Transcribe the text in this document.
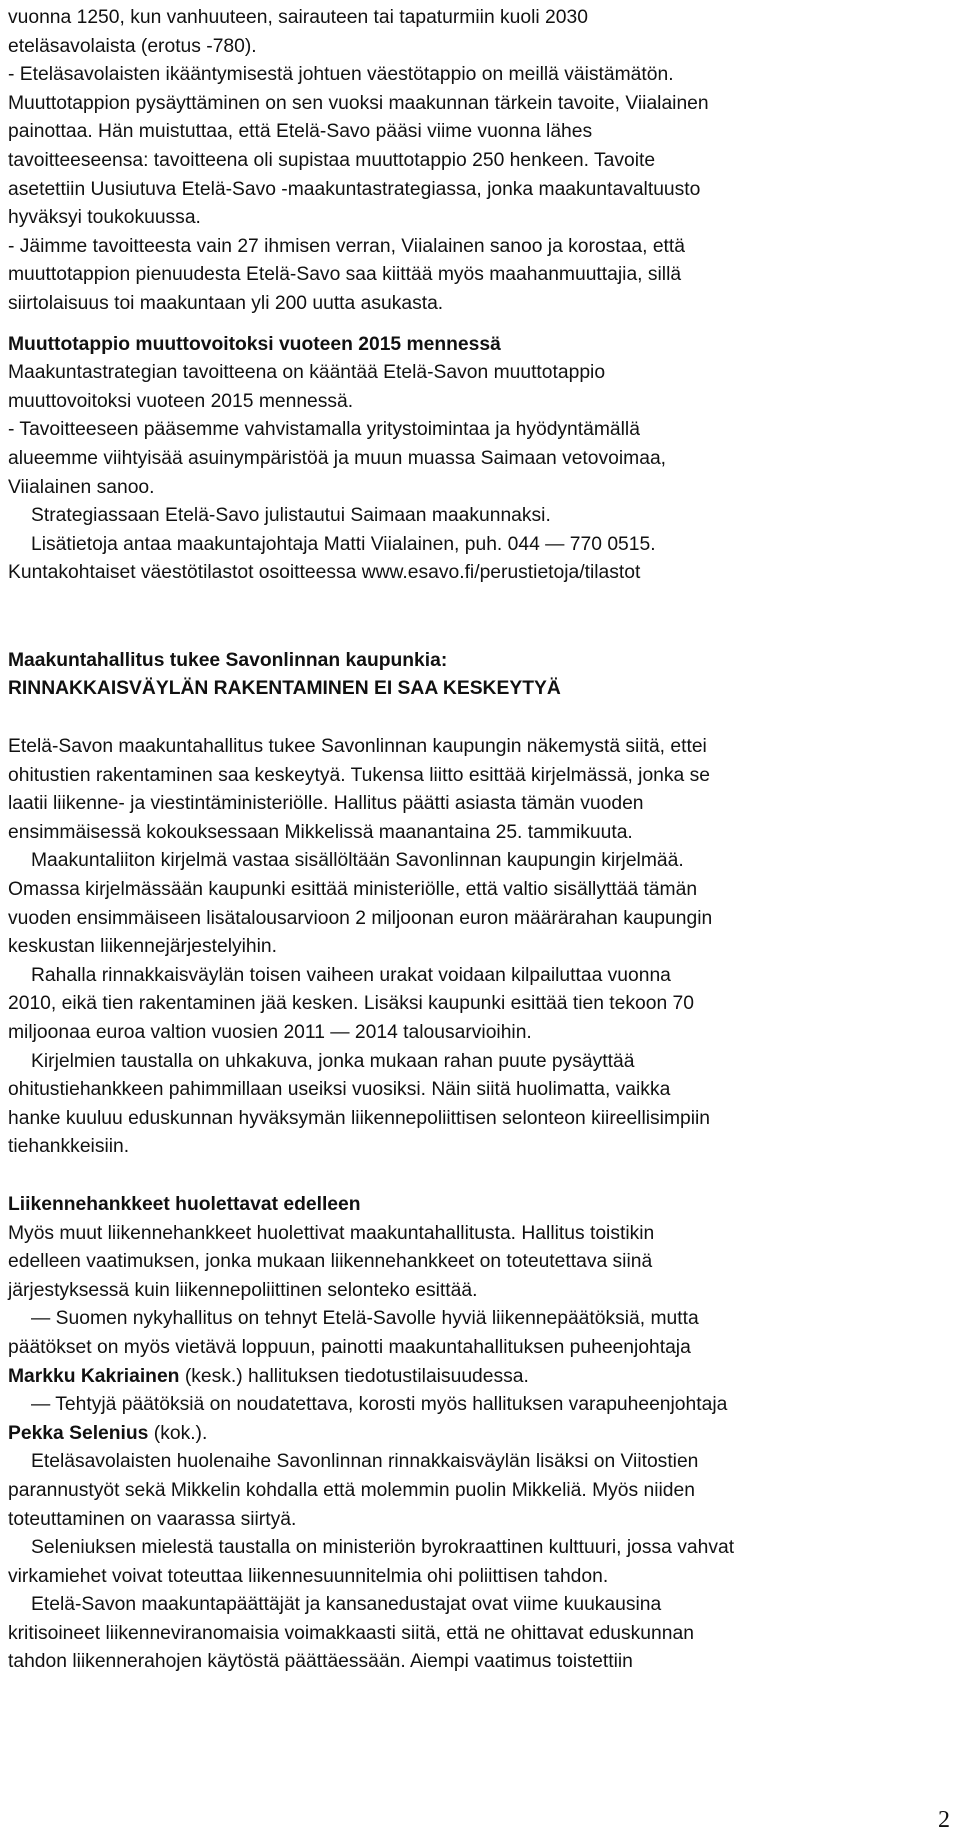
vuonna 1250, kun vanhuuteen, sairauteen tai tapaturmiin kuoli 2030
eteläsavolaista (erotus -780).
- Eteläsavolaisten ikääntymisestä johtuen väestötappio on meillä väistämätön.
Muuttotappion pysäyttäminen on sen vuoksi maakunnan tärkein tavoite, Viialainen
painottaa. Hän muistuttaa, että Etelä-Savo pääsi viime vuonna lähes
tavoitteeseensa: tavoitteena oli supistaa muuttotappio 250 henkeen. Tavoite
asetettiin Uusiutuva Etelä-Savo -maakuntastrategiassa, jonka maakuntavaltuusto
hyväksyi toukokuussa.
- Jäimme tavoitteesta vain 27 ihmisen verran, Viialainen sanoo ja korostaa, että
muuttotappion pienuudesta Etelä-Savo saa kiittää myös maahanmuuttajia, sillä
siirtolaisuus toi maakuntaan yli 200 uutta asukasta.
Muuttotappio muuttovoitoksi vuoteen 2015 mennessä
Maakuntastrategian tavoitteena on kääntää Etelä-Savon muuttotappio
muuttovoitoksi vuoteen 2015 mennessä.
- Tavoitteeseen pääsemme vahvistamalla yritystoimintaa ja hyödyntämällä
alueemme viihtyisää asuinympäristöä ja muun muassa Saimaan vetovoimaa,
Viialainen sanoo.
Strategiassaan Etelä-Savo julistautui Saimaan maakunnaksi.
Lisätietoja antaa maakuntajohtaja Matti Viialainen, puh. 044 — 770 0515.
Kuntakohtaiset väestötilastot osoitteessa www.esavo.fi/perustietoja/tilastot
Maakuntahallitus tukee Savonlinnan kaupunkia:
RINNAKKAISVÄYLÄN RAKENTAMINEN EI SAA KESKEYTYÄ
Etelä-Savon maakuntahallitus tukee Savonlinnan kaupungin näkemystä siitä, ettei
ohitustien rakentaminen saa keskeytyä. Tukensa liitto esittää kirjelmässä, jonka se
laatii liikenne- ja viestintäministeriölle. Hallitus päätti asiasta tämän vuoden
ensimmäisessä kokouksessaan Mikkelissä maanantaina 25. tammikuuta.
Maakuntaliiton kirjelmä vastaa sisällöltään Savonlinnan kaupungin kirjelmää.
Omassa kirjelmässään kaupunki esittää ministeriölle, että valtio sisällyttää tämän
vuoden ensimmäiseen lisätalousarvioon 2 miljoonan euron määrärahan kaupungin
keskustan liikennejärjestelyihin.
Rahalla rinnakkaisväylän toisen vaiheen urakat voidaan kilpailuttaa vuonna
2010, eikä tien rakentaminen jää kesken. Lisäksi kaupunki esittää tien tekoon 70
miljoonaa euroa valtion vuosien 2011 — 2014 talousarvioihin.
Kirjelmien taustalla on uhkakuva, jonka mukaan rahan puute pysäyttää
ohitustiehankkeen pahimmillaan useiksi vuosiksi. Näin siitä huolimatta, vaikka
hanke kuuluu eduskunnan hyväksymän liikennepoliittisen selonteon kiireellisimpiin
tiehankkeisiin.
Liikennehankkeet huolettavat edelleen
Myös muut liikennehankkeet huolettivat maakuntahallitusta. Hallitus toistikin
edelleen vaatimuksen, jonka mukaan liikennehankkeet on toteutettava siinä
järjestyksessä kuin liikennepoliittinen selonteko esittää.
— Suomen nykyhallitus on tehnyt Etelä-Savolle hyviä liikennepäätöksiä, mutta
päätökset on myös vietävä loppuun, painotti maakuntahallituksen puheenjohtaja
Markku Kakriainen (kesk.) hallituksen tiedotustilaisuudessa.
— Tehtyjä päätöksiä on noudatettava, korosti myös hallituksen varapuheenjohtaja
Pekka Selenius (kok.).
Eteläsavolaisten huolenaihe Savonlinnan rinnakkaisväylän lisäksi on Viitostien
parannustyöt sekä Mikkelin kohdalla että molemmin puolin Mikkeliä. Myös niiden
toteuttaminen on vaarassa siirtyä.
Seleniuksen mielestä taustalla on ministeriön byrokraattinen kulttuuri, jossa vahvat
virkamiehet voivat toteuttaa liikennesuunnitelmia ohi poliittisen tahdon.
Etelä-Savon maakuntapäättäjät ja kansanedustajat ovat viime kuukausina
kritisoineet liikenneviranomaisia voimakkaasti siitä, että ne ohittavat eduskunnan
tahdon liikennerahojen käytöstä päättäessään. Aiempi vaatimus toistettiin
2
